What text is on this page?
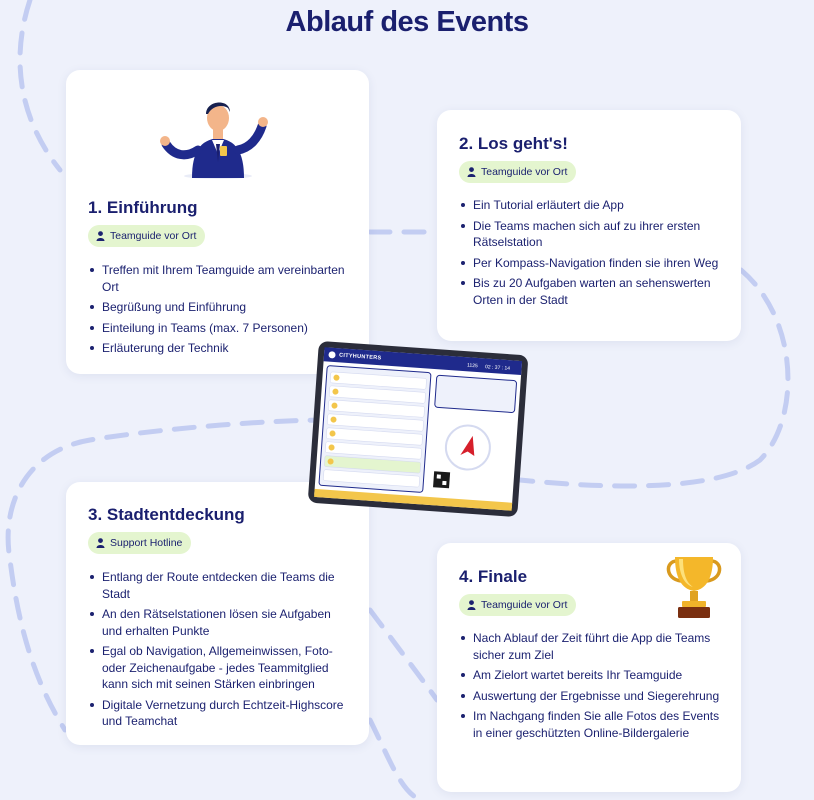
Ablauf des Events
1. Einführung
Teamguide vor Ort
Treffen mit Ihrem Teamguide am vereinbarten Ort
Begrüßung und Einführung
Einteilung in Teams (max. 7 Personen)
Erläuterung der Technik
2. Los geht's!
Teamguide vor Ort
Ein Tutorial erläutert die App
Die Teams machen sich auf zu ihrer ersten Rätselstation
Per Kompass-Navigation finden sie ihren Weg
Bis zu 20 Aufgaben warten an sehenswerten Orten in der Stadt
3. Stadtentdeckung
Support Hotline
Entlang der Route entdecken die Teams die Stadt
An den Rätselstationen lösen sie Aufgaben und erhalten Punkte
Egal ob Navigation, Allgemeinwissen, Foto- oder Zeichenaufgabe - jedes Teammitglied kann sich mit seinen Stärken einbringen
Digitale Vernetzung durch Echtzeit-Highscore und Teamchat
4. Finale
Teamguide vor Ort
Nach Ablauf der Zeit führt die App die Teams sicher zum Ziel
Am Zielort wartet bereits Ihr Teamguide
Auswertung der Ergebnisse und Siegerehrung
Im Nachgang finden Sie alle Fotos des Events in einer geschützten Online-Bildergalerie
CITYHUNTERS
1125 02 : 37 : 14
